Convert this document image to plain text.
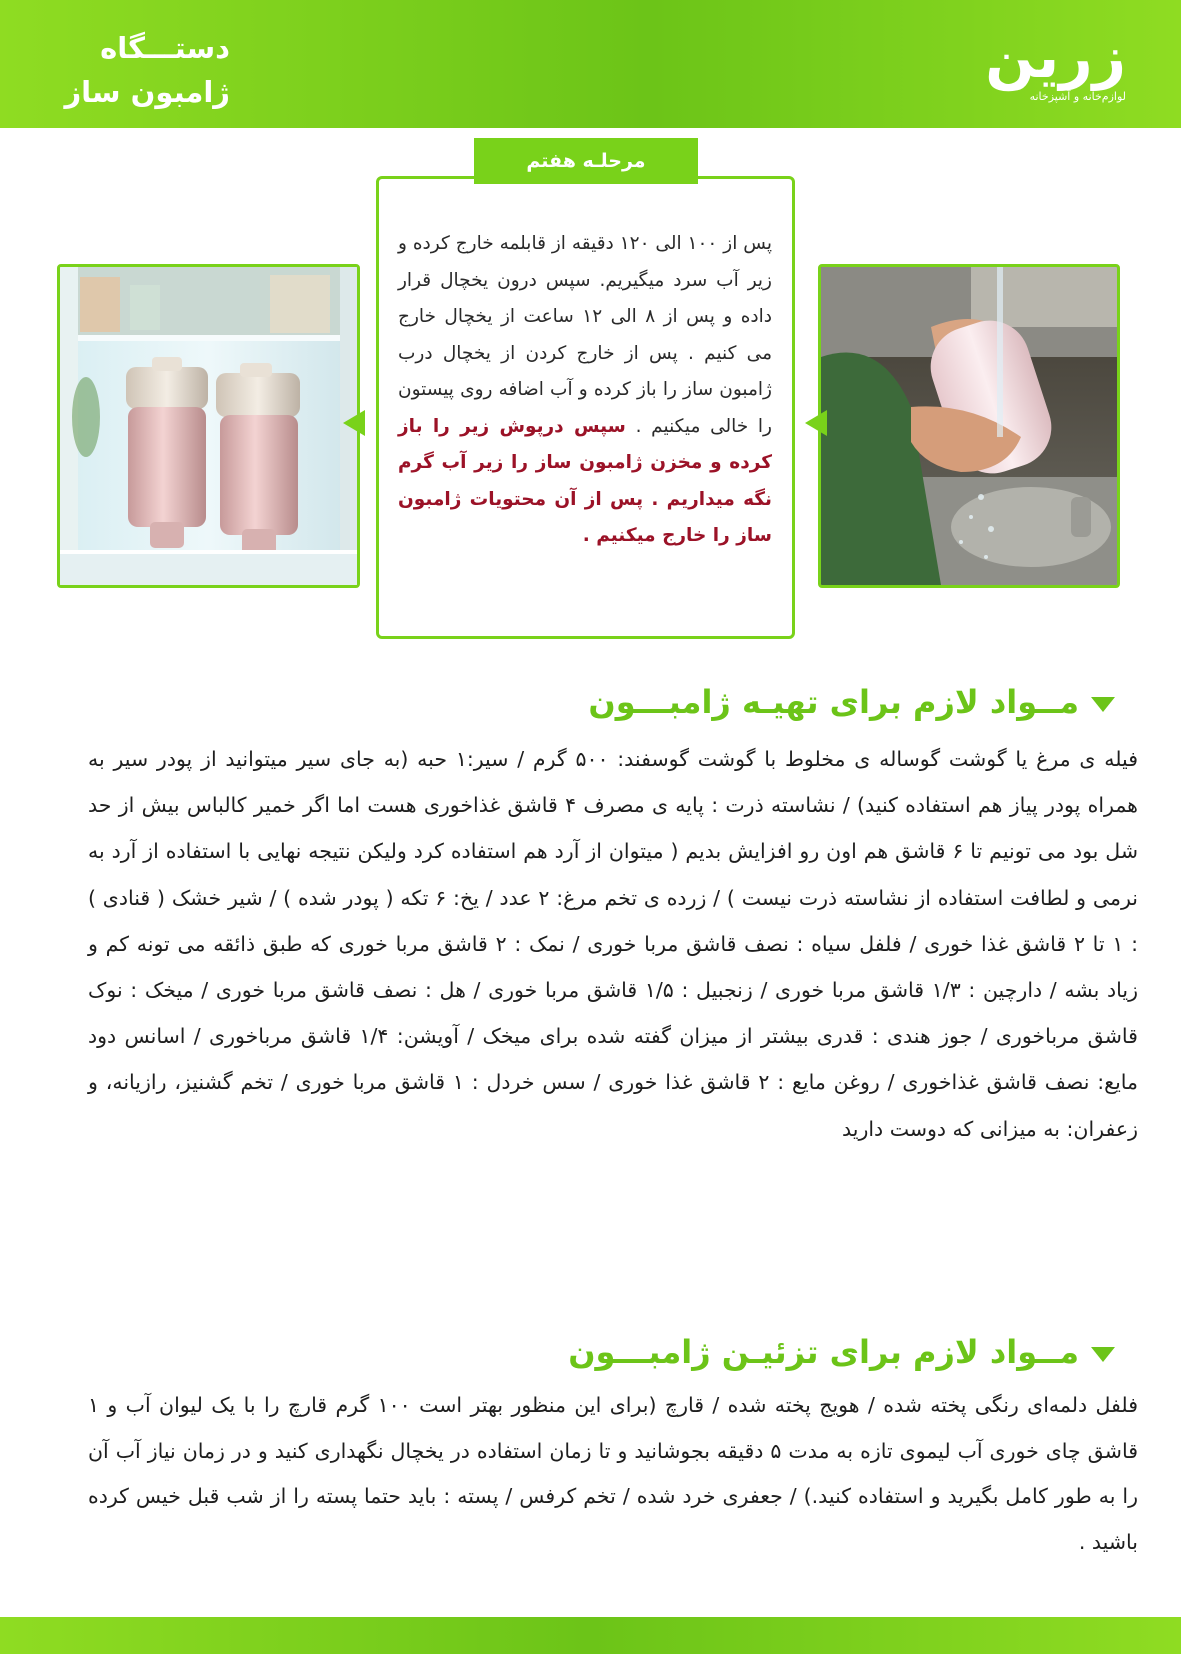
دستـــگاه
ژامبون ساز
زرین
لوازم‌خانه و آشپزخانه
مرحلـه هفتم
پس از ۱۰۰ الی ۱۲۰ دقیقه از قابلمه خارج کرده و زیر آب سرد میگیریم. سپس درون یخچال قرار داده و پس از ۸ الی ۱۲ ساعت از یخچال خارج می کنیم . پس از خارج کردن از یخچال درب ژامبون ساز را باز کرده و آب اضافه روی پیستون را خالی میکنیم . سپس درپوش زیر را باز کرده و مخزن ژامبون ساز را زیر آب گرم نگه میداریم . پس از آن محتویات ژامبون ساز را خارج میکنیم .
مــواد لازم برای تهیـه ژامبـــون
فیله ی مرغ یا گوشت گوساله ی مخلوط با گوشت گوسفند: ۵۰۰ گرم / سیر:۱ حبه (به جای سیر میتوانید از پودر سیر به همراه پودر پیاز هم استفاده کنید) / نشاسته ذرت : پایه ی مصرف ۴ قاشق غذاخوری هست اما اگر خمیر کالباس بیش از حد شل بود می تونیم تا ۶ قاشق هم اون رو افزایش بدیم ( میتوان از آرد هم استفاده کرد ولیکن نتیجه نهایی با استفاده از آرد به نرمی و لطافت استفاده از نشاسته ذرت نیست ) / زرده ی تخم مرغ: ۲ عدد / یخ: ۶ تکه ( پودر شده ) / شیر خشک ( قنادی ) : ۱ تا ۲ قاشق غذا خوری / فلفل سیاه : نصف قاشق مربا خوری / نمک : ۲ قاشق مربا خوری که طبق ذائقه می تونه کم و زیاد بشه / دارچین : ۱/۳ قاشق مربا خوری / زنجبیل : ۱/۵ قاشق مربا خوری / هل : نصف قاشق مربا خوری / میخک : نوک قاشق مرباخوری / جوز هندی : قدری بیشتر از میزان گفته شده برای میخک / آویشن: ۱/۴ قاشق مرباخوری / اسانس دود مایع: نصف قاشق غذاخوری / روغن مایع : ۲ قاشق غذا خوری / سس خردل : ۱ قاشق مربا خوری / تخم گشنیز، رازیانه، و زعفران: به میزانی که دوست دارید
مــواد لازم برای تزئیـن ژامبـــون
فلفل دلمه‌ای رنگی پخته شده / هویج پخته شده / قارچ (برای این منظور بهتر است ۱۰۰ گرم قارچ را با یک لیوان آب و ۱ قاشق چای خوری آب لیموی تازه به مدت ۵ دقیقه بجوشانید و تا زمان استفاده در یخچال نگهداری کنید و در زمان نیاز آب آن را به طور کامل بگیرید و استفاده کنید.) / جعفری خرد شده / تخم کرفس / پسته : باید حتما پسته را از شب قبل خیس کرده باشید .
